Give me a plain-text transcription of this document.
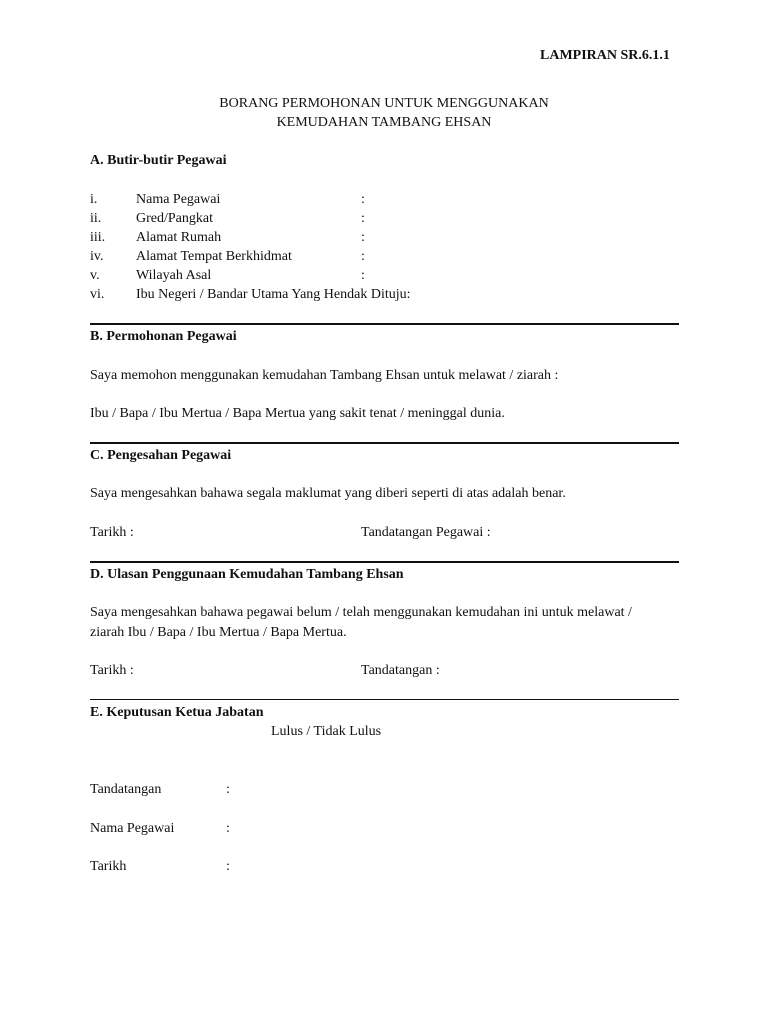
LAMPIRAN SR.6.1.1
BORANG PERMOHONAN UNTUK MENGGUNAKAN
KEMUDAHAN TAMBANG EHSAN
A. Butir-butir Pegawai
i.	Nama Pegawai	:
ii. Gred/Pangkat	:
iii. Alamat Rumah	:
iv. Alamat Tempat Berkhidmat	:
v.	Wilayah Asal	:
vi. Ibu Negeri / Bandar Utama Yang Hendak Dituju:
B. Permohonan Pegawai
Saya memohon menggunakan kemudahan Tambang Ehsan untuk melawat / ziarah :
Ibu / Bapa / Ibu Mertua / Bapa Mertua yang sakit tenat / meninggal dunia.
C. Pengesahan Pegawai
Saya mengesahkan bahawa segala maklumat yang diberi seperti di atas adalah benar.
Tarikh :	Tandatangan Pegawai :
D. Ulasan Penggunaan Kemudahan Tambang Ehsan
Saya mengesahkan bahawa pegawai belum / telah menggunakan kemudahan ini untuk melawat /
ziarah Ibu / Bapa / Ibu Mertua / Bapa Mertua.
Tarikh :	Tandatangan :
E. Keputusan Ketua Jabatan
Lulus / Tidak Lulus
Tandatangan	:
Nama Pegawai	:
Tarikh	:
